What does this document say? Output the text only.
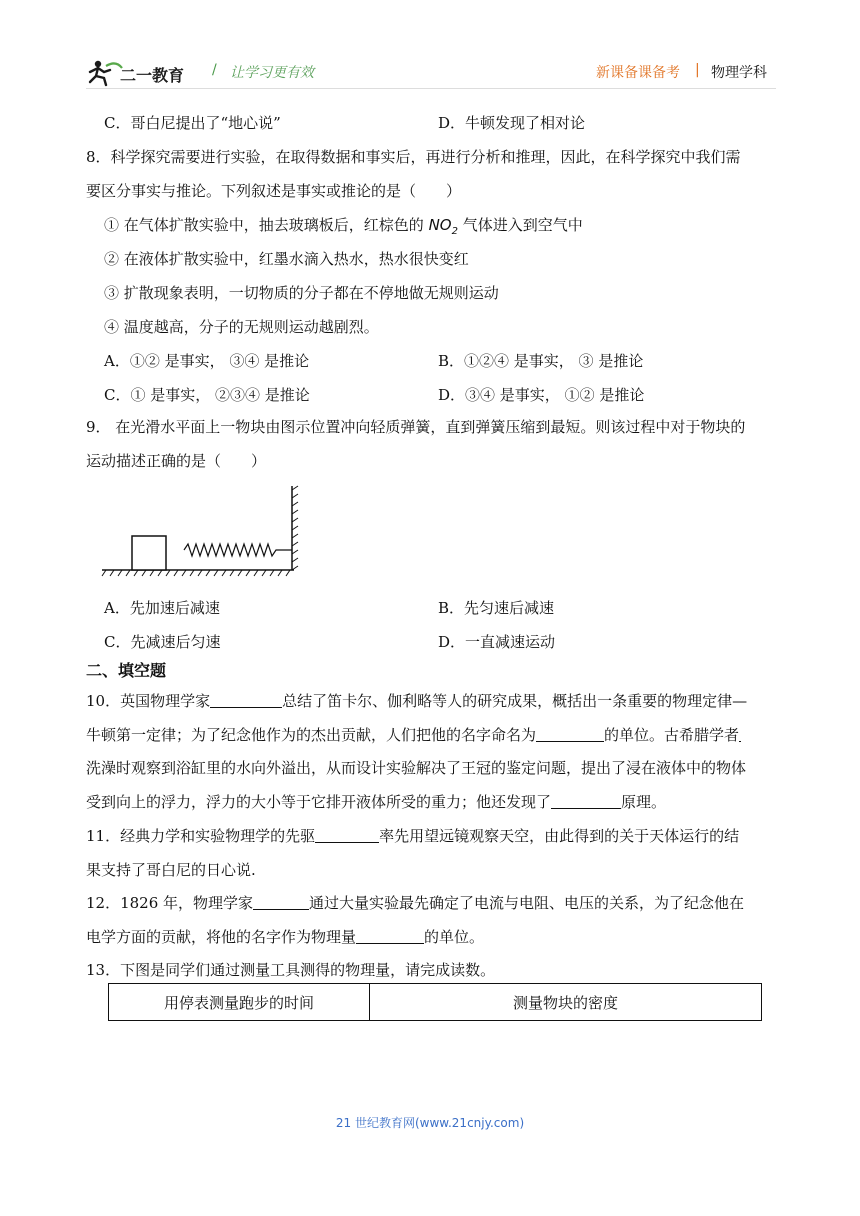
二一教育 / 让学习更有效	新课备课备考 | 物理学科
C．哥白尼提出了“地心说”	D．牛顿发现了相对论
8．科学探究需要进行实验，在取得数据和事实后，再进行分析和推理，因此，在科学探究中我们需
要区分事实与推论。下列叙述是事实或推论的是（　　）
① 在气体扩散实验中，抽去玻璃板后，红棕色的 $NO_2$ 气体进入到空气中
② 在液体扩散实验中，红墨水滴入热水，热水很快变红
③ 扩散现象表明，一切物质的分子都在不停地做无规则运动
④ 温度越高，分子的无规则运动越剧烈。
A．①② 是事实， ③④ 是推论	B．①②④ 是事实， ③ 是推论
C．① 是事实， ②③④ 是推论	D．③④ 是事实， ①② 是推论
9． 在光滑水平面上一物块由图示位置冲向轻质弹簧，直到弹簧压缩到最短。则该过程中对于物块的
运动描述正确的是（　　）
A．先加速后减速	B．先匀速后减速
C．先减速后匀速	D．一直减速运动
二、填空题
10．英国物理学家	总结了笛卡尔、伽利略等人的研究成果，概括出一条重要的物理定律—
牛顿第一定律；为了纪念他作为的杰出贡献，人们把他的名字命名为	的单位。古希腊学者
洗澡时观察到浴缸里的水向外溢出，从而设计实验解决了王冠的鉴定问题，提出了浸在液体中的物体
受到向上的浮力，浮力的大小等于它排开液体所受的重力；他还发现了	原理。
11．经典力学和实验物理学的先驱	率先用望远镜观察天空，由此得到的关于天体运行的结
果支持了哥白尼的日心说.
12．1826 年，物理学家	通过大量实验最先确定了电流与电阻、电压的关系，为了纪念他在
电学方面的贡献，将他的名字作为物理量	的单位。
13．下图是同学们通过测量工具测得的物理量，请完成读数。
用停表测量跑步的时间	测量物块的密度
21 世纪教育网(www.21cnjy.com)
